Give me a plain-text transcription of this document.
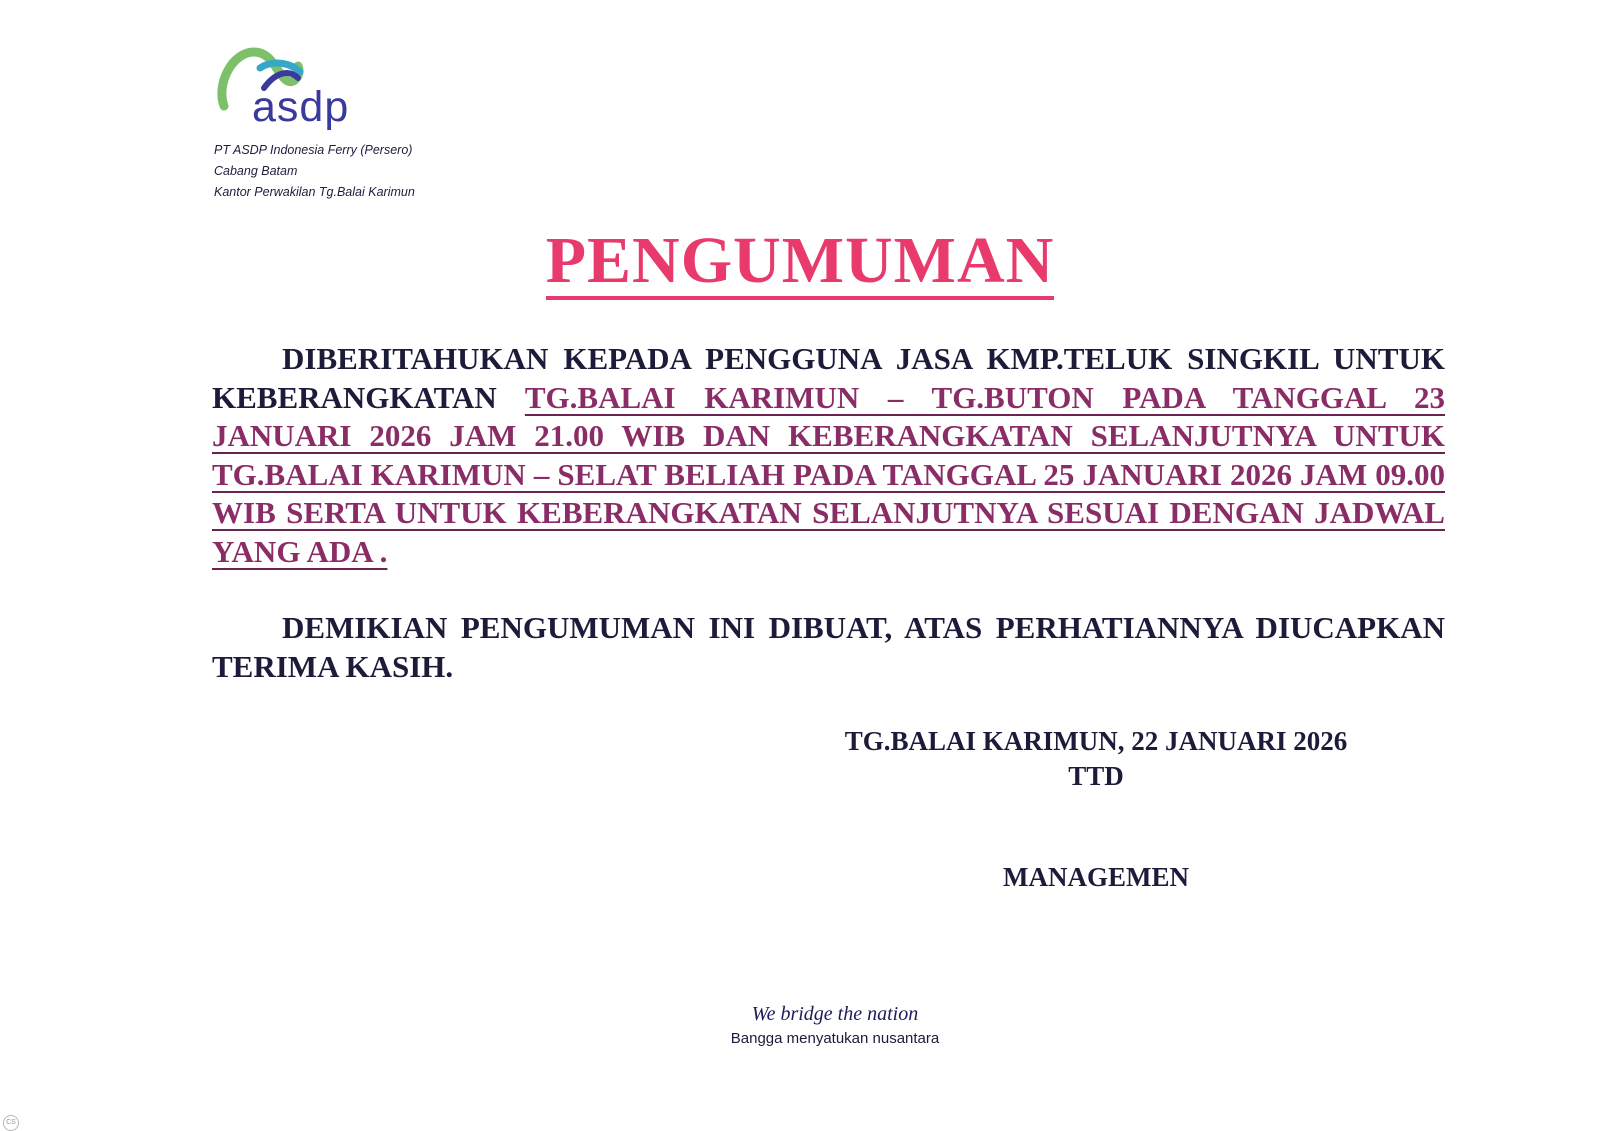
asdp
PT ASDP Indonesia Ferry (Persero)
Cabang Batam
Kantor Perwakilan Tg.Balai Karimun
PENGUMUMAN

DIBERITAHUKAN KEPADA PENGGUNA JASA KMP.TELUK SINGKIL UNTUK KEBERANGKATAN TG.BALAI KARIMUN – TG.BUTON PADA TANGGAL 23 JANUARI 2026 JAM 21.00 WIB DAN KEBERANGKATAN SELANJUTNYA UNTUK TG.BALAI KARIMUN – SELAT BELIAH PADA TANGGAL 25 JANUARI 2026 JAM 09.00 WIB SERTA UNTUK KEBERANGKATAN SELANJUTNYA SESUAI DENGAN JADWAL YANG ADA .

DEMIKIAN PENGUMUMAN INI DIBUAT, ATAS PERHATIANNYA DIUCAPKAN TERIMA KASIH.

TG.BALAI KARIMUN, 22 JANUARI 2026
TTD
MANAGEMEN
We bridge the nation
Bangga menyatukan nusantara
CS
